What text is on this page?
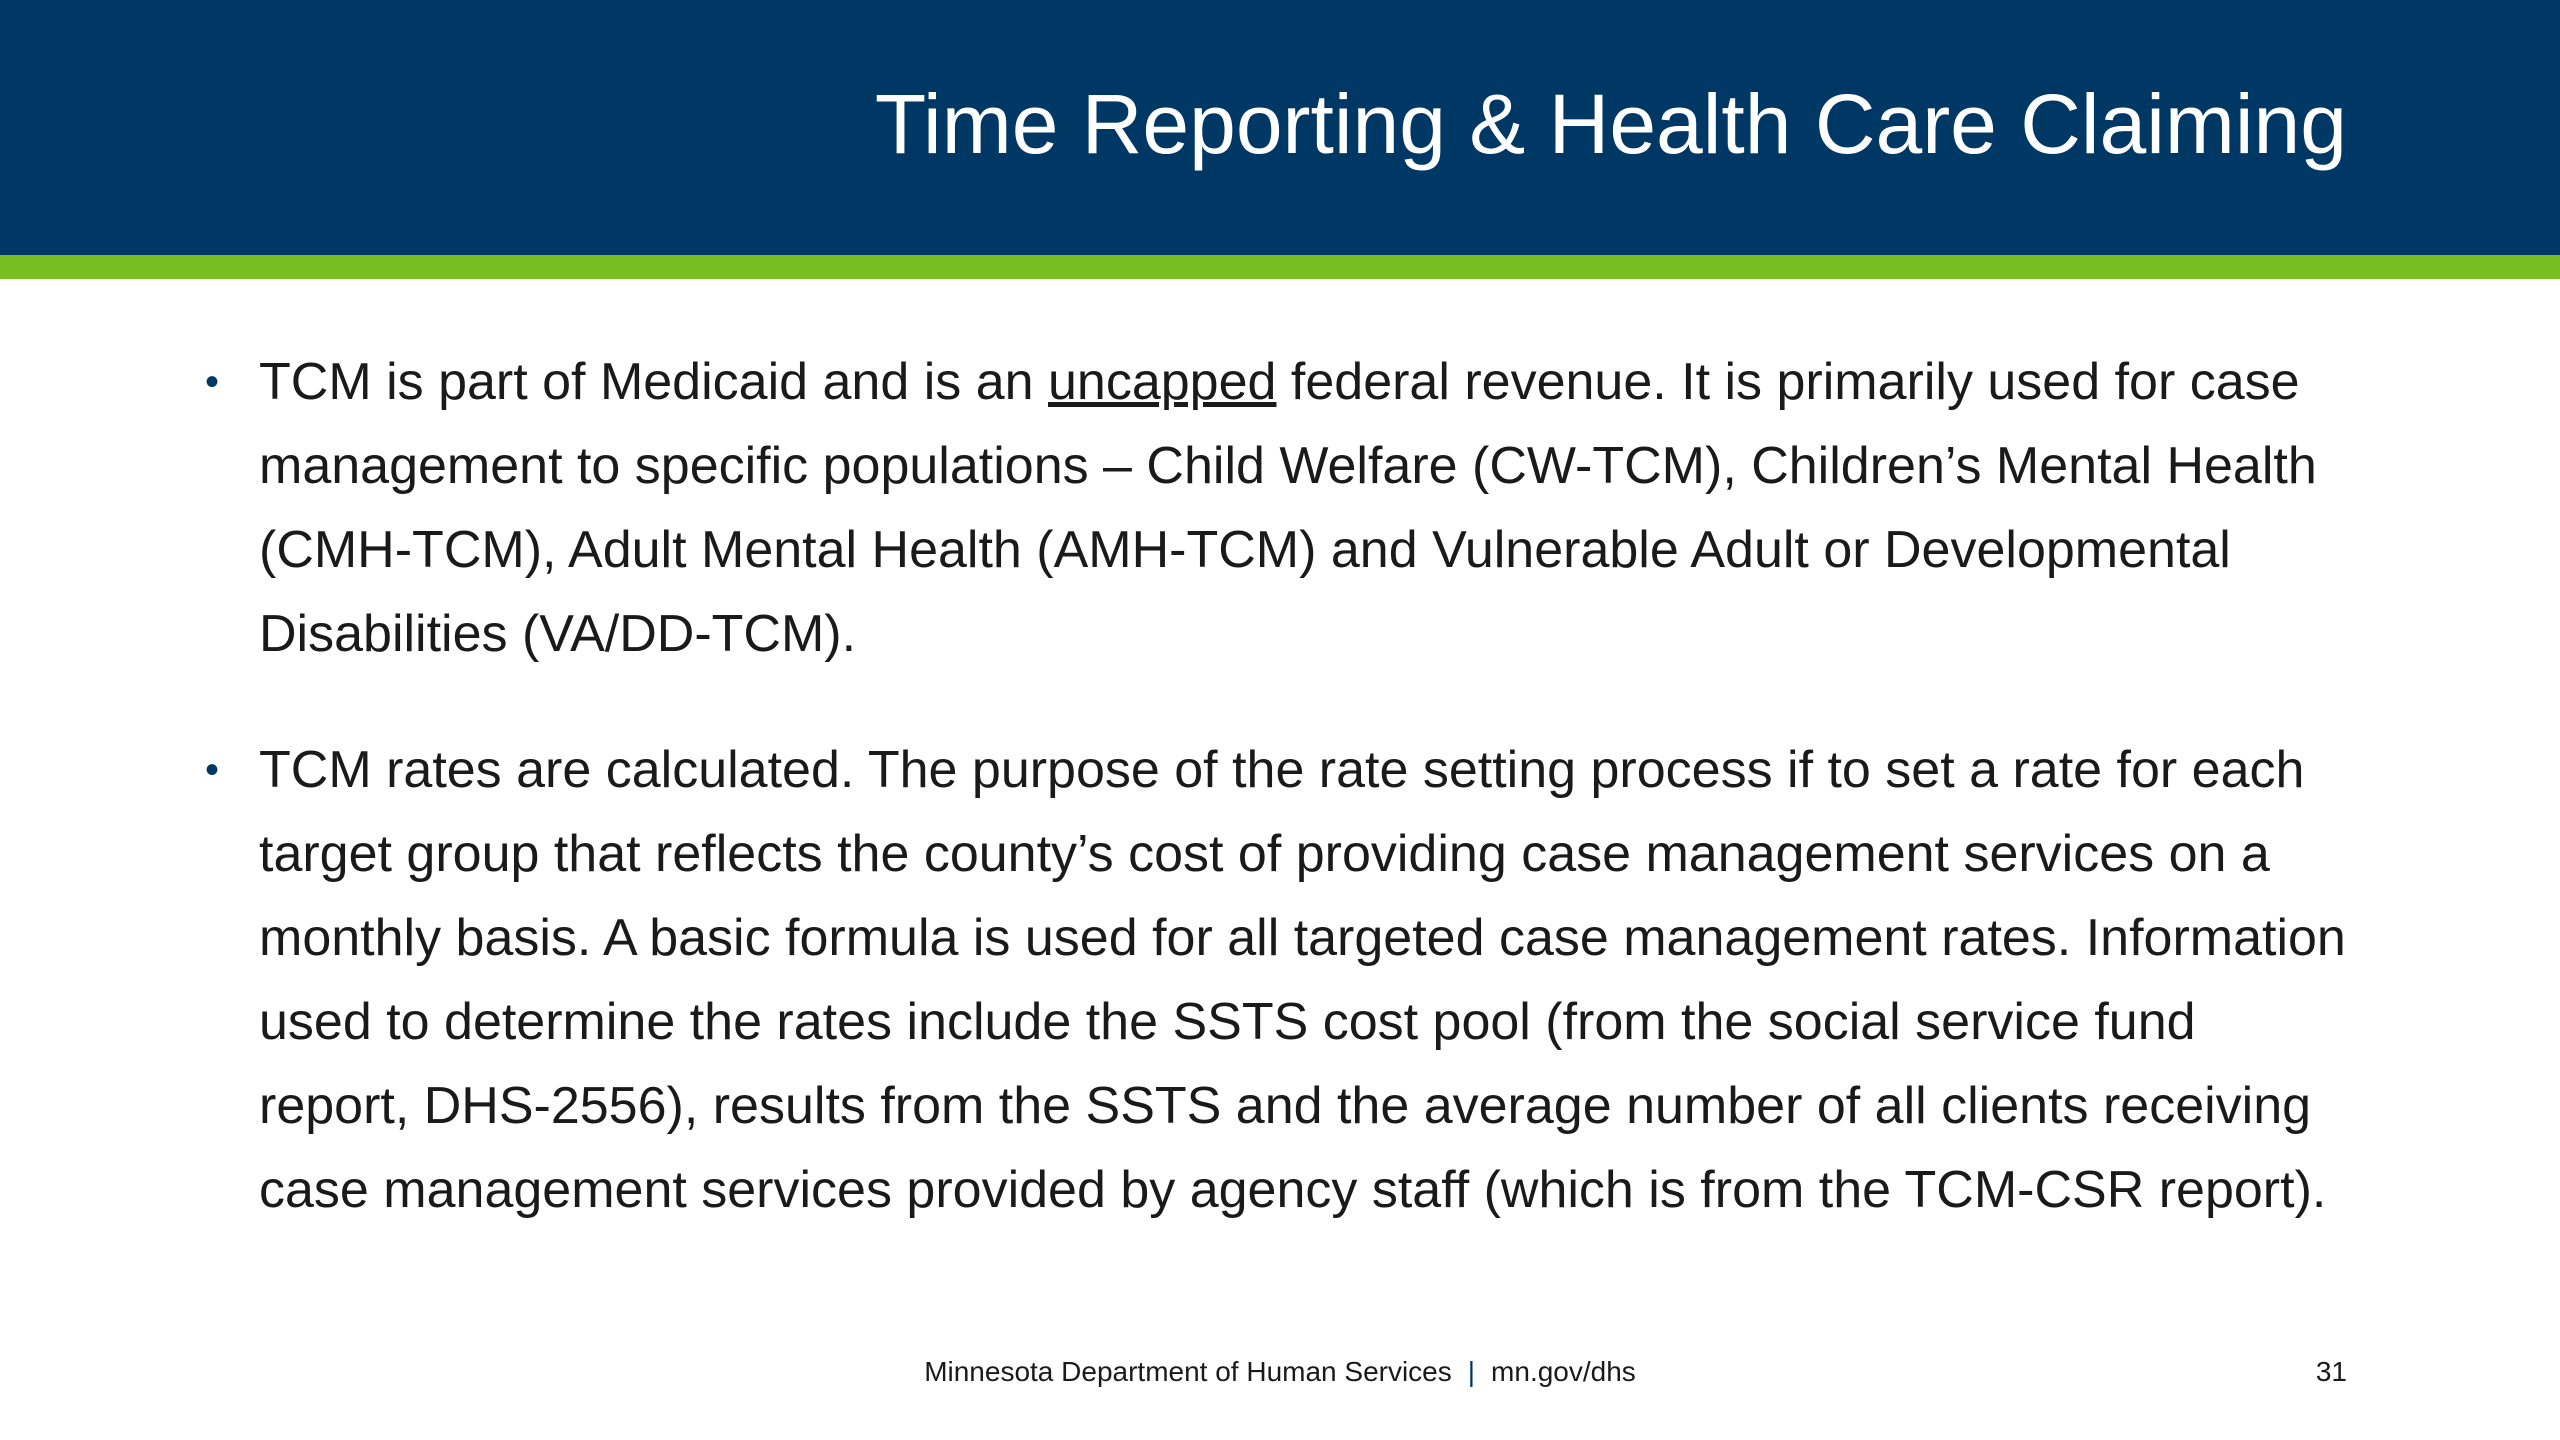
Time Reporting & Health Care Claiming

• TCM is part of Medicaid and is an uncapped federal revenue. It is primarily used for case management to specific populations – Child Welfare (CW-TCM), Children’s Mental Health (CMH-TCM), Adult Mental Health (AMH-TCM) and Vulnerable Adult or Developmental Disabilities (VA/DD-TCM).

• TCM rates are calculated. The purpose of the rate setting process if to set a rate for each target group that reflects the county’s cost of providing case management services on a monthly basis. A basic formula is used for all targeted case management rates. Information used to determine the rates include the SSTS cost pool (from the social service fund report, DHS-2556), results from the SSTS and the average number of all clients receiving case management services provided by agency staff (which is from the TCM-CSR report).

Minnesota Department of Human Services | mn.gov/dhs	31
